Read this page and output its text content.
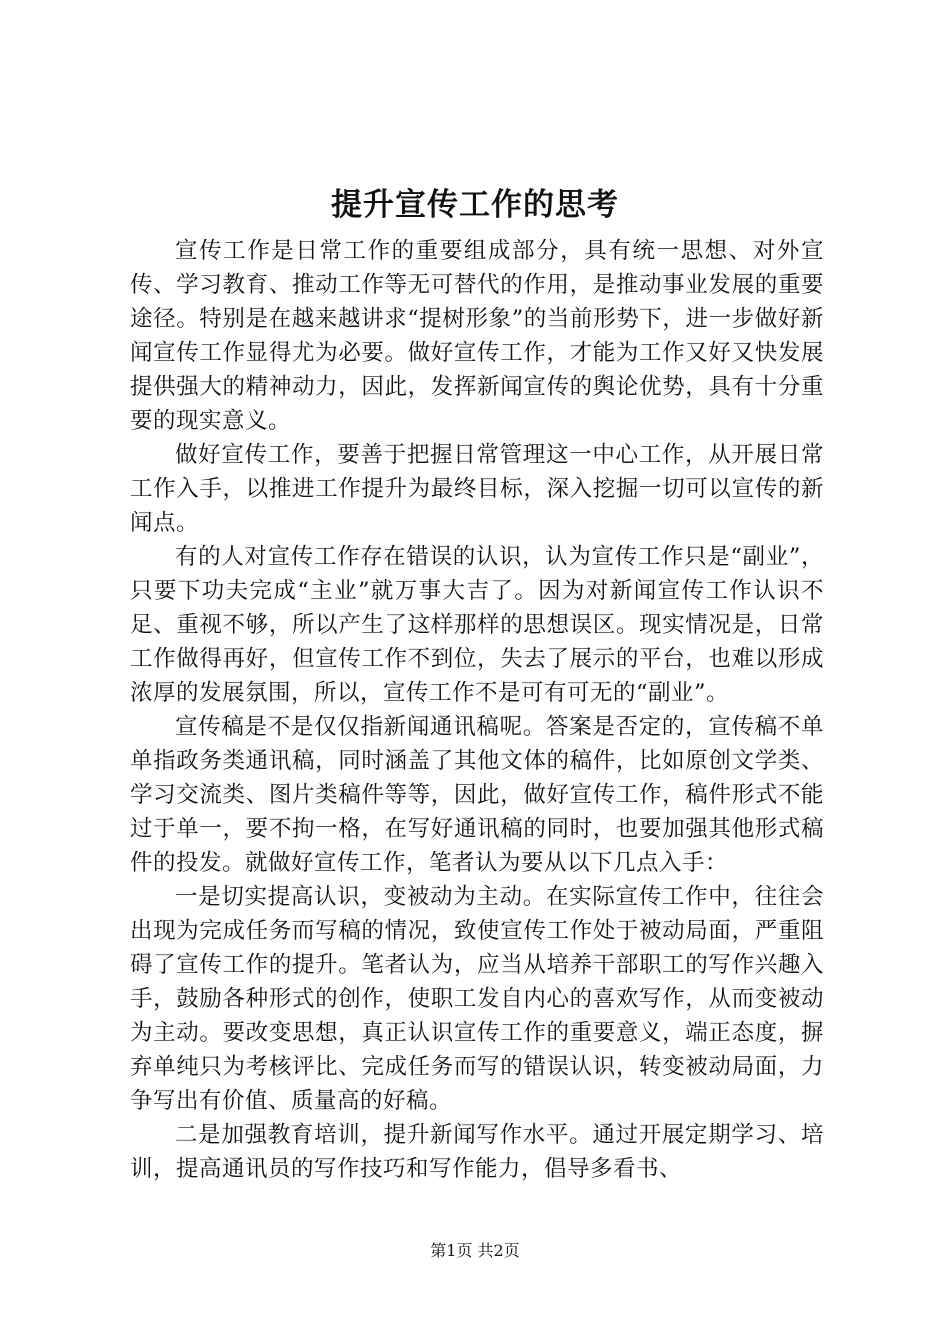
提升宣传工作的思考

宣传工作是日常工作的重要组成部分，具有统一思想、对外宣传、学习教育、推动工作等无可替代的作用，是推动事业发展的重要途径。特别是在越来越讲求“提树形象”的当前形势下，进一步做好新闻宣传工作显得尤为必要。做好宣传工作，才能为工作又好又快发展提供强大的精神动力，因此，发挥新闻宣传的舆论优势，具有十分重要的现实意义。

做好宣传工作，要善于把握日常管理这一中心工作，从开展日常工作入手，以推进工作提升为最终目标，深入挖掘一切可以宣传的新闻点。

有的人对宣传工作存在错误的认识，认为宣传工作只是“副业”，只要下功夫完成“主业”就万事大吉了。因为对新闻宣传工作认识不足、重视不够，所以产生了这样那样的思想误区。现实情况是，日常工作做得再好，但宣传工作不到位，失去了展示的平台，也难以形成浓厚的发展氛围，所以，宣传工作不是可有可无的“副业”。

宣传稿是不是仅仅指新闻通讯稿呢。答案是否定的，宣传稿不单单指政务类通讯稿，同时涵盖了其他文体的稿件，比如原创文学类、学习交流类、图片类稿件等等，因此，做好宣传工作，稿件形式不能过于单一，要不拘一格，在写好通讯稿的同时，也要加强其他形式稿件的投发。就做好宣传工作，笔者认为要从以下几点入手：

一是切实提高认识，变被动为主动。在实际宣传工作中，往往会出现为完成任务而写稿的情况，致使宣传工作处于被动局面，严重阻碍了宣传工作的提升。笔者认为，应当从培养干部职工的写作兴趣入手，鼓励各种形式的创作，使职工发自内心的喜欢写作，从而变被动为主动。要改变思想，真正认识宣传工作的重要意义，端正态度，摒弃单纯只为考核评比、完成任务而写的错误认识，转变被动局面，力争写出有价值、质量高的好稿。

二是加强教育培训，提升新闻写作水平。通过开展定期学习、培训，提高通讯员的写作技巧和写作能力，倡导多看书、

第1页 共2页
